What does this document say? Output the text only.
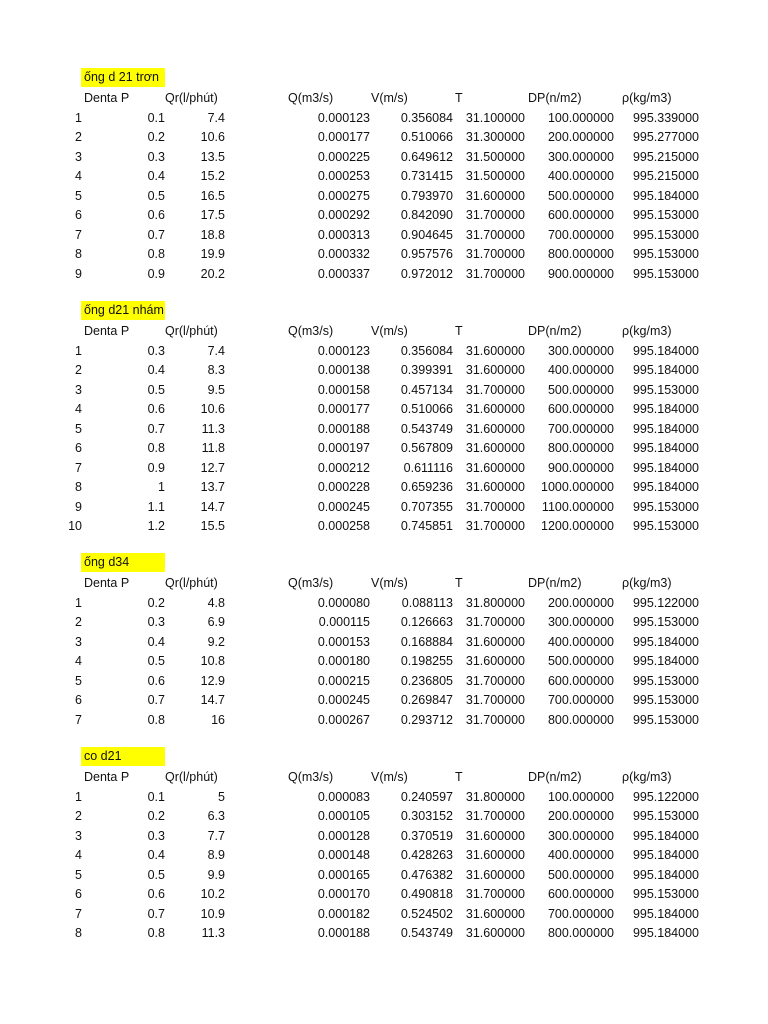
ống d 21 trơn
Denta P	Qr(l/phút)	Q(m3/s)	V(m/s)	T	DP(n/m2)	ρ(kg/m3)
1	0.1	7.4	0.000123	0.356084	31.100000	100.000000	995.339000
2	0.2	10.6	0.000177	0.510066	31.300000	200.000000	995.277000
3	0.3	13.5	0.000225	0.649612	31.500000	300.000000	995.215000
4	0.4	15.2	0.000253	0.731415	31.500000	400.000000	995.215000
5	0.5	16.5	0.000275	0.793970	31.600000	500.000000	995.184000
6	0.6	17.5	0.000292	0.842090	31.700000	600.000000	995.153000
7	0.7	18.8	0.000313	0.904645	31.700000	700.000000	995.153000
8	0.8	19.9	0.000332	0.957576	31.700000	800.000000	995.153000
9	0.9	20.2	0.000337	0.972012	31.700000	900.000000	995.153000
ống d21 nhám
Denta P	Qr(l/phút)	Q(m3/s)	V(m/s)	T	DP(n/m2)	ρ(kg/m3)
1	0.3	7.4	0.000123	0.356084	31.600000	300.000000	995.184000
2	0.4	8.3	0.000138	0.399391	31.600000	400.000000	995.184000
3	0.5	9.5	0.000158	0.457134	31.700000	500.000000	995.153000
4	0.6	10.6	0.000177	0.510066	31.600000	600.000000	995.184000
5	0.7	11.3	0.000188	0.543749	31.600000	700.000000	995.184000
6	0.8	11.8	0.000197	0.567809	31.600000	800.000000	995.184000
7	0.9	12.7	0.000212	0.611116	31.600000	900.000000	995.184000
8	1	13.7	0.000228	0.659236	31.600000	1000.000000	995.184000
9	1.1	14.7	0.000245	0.707355	31.700000	1100.000000	995.153000
10	1.2	15.5	0.000258	0.745851	31.700000	1200.000000	995.153000
ống d34
Denta P	Qr(l/phút)	Q(m3/s)	V(m/s)	T	DP(n/m2)	ρ(kg/m3)
1	0.2	4.8	0.000080	0.088113	31.800000	200.000000	995.122000
2	0.3	6.9	0.000115	0.126663	31.700000	300.000000	995.153000
3	0.4	9.2	0.000153	0.168884	31.600000	400.000000	995.184000
4	0.5	10.8	0.000180	0.198255	31.600000	500.000000	995.184000
5	0.6	12.9	0.000215	0.236805	31.700000	600.000000	995.153000
6	0.7	14.7	0.000245	0.269847	31.700000	700.000000	995.153000
7	0.8	16	0.000267	0.293712	31.700000	800.000000	995.153000
co d21
Denta P	Qr(l/phút)	Q(m3/s)	V(m/s)	T	DP(n/m2)	ρ(kg/m3)
1	0.1	5	0.000083	0.240597	31.800000	100.000000	995.122000
2	0.2	6.3	0.000105	0.303152	31.700000	200.000000	995.153000
3	0.3	7.7	0.000128	0.370519	31.600000	300.000000	995.184000
4	0.4	8.9	0.000148	0.428263	31.600000	400.000000	995.184000
5	0.5	9.9	0.000165	0.476382	31.600000	500.000000	995.184000
6	0.6	10.2	0.000170	0.490818	31.700000	600.000000	995.153000
7	0.7	10.9	0.000182	0.524502	31.600000	700.000000	995.184000
8	0.8	11.3	0.000188	0.543749	31.600000	800.000000	995.184000
